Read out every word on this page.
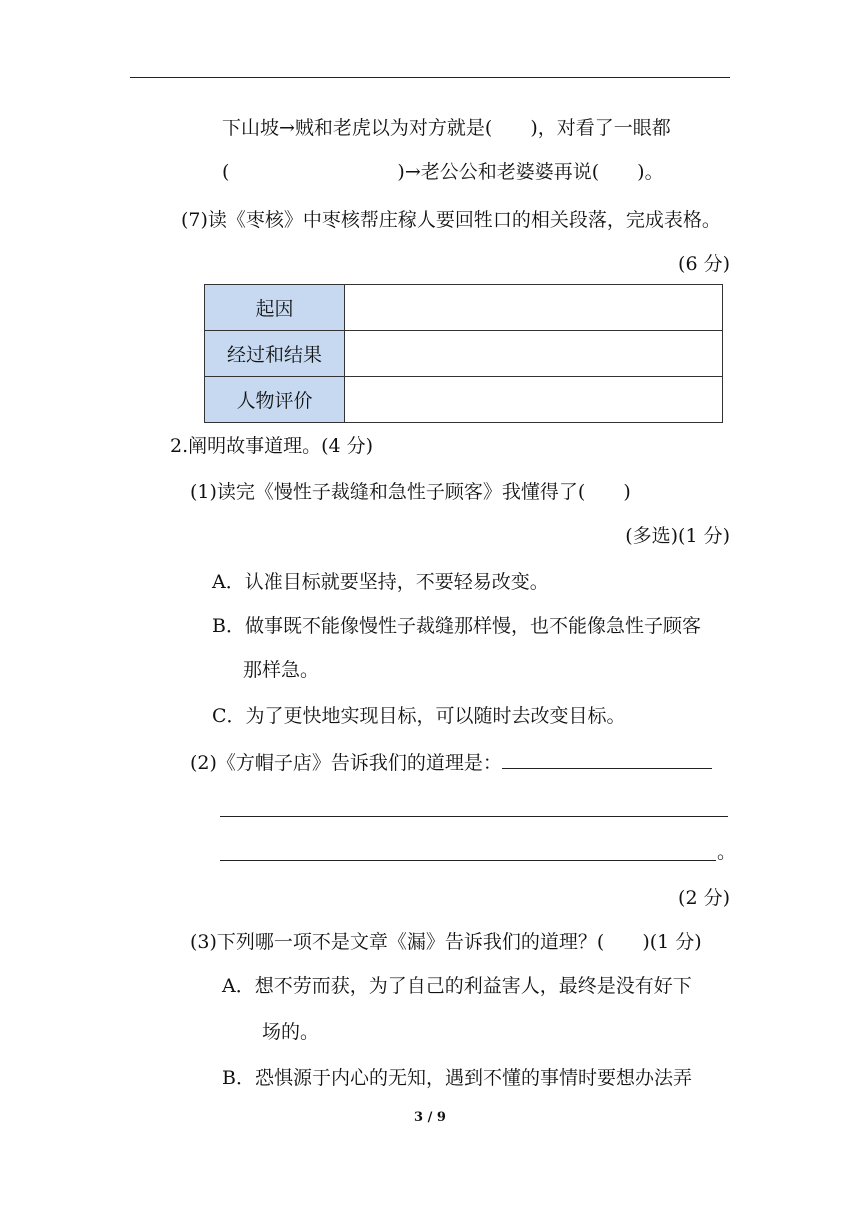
下山坡→贼和老虎以为对方就是(　　)，对看了一眼都
(	)→老公公和老婆婆再说(　　)。
(7)读《枣核》中枣核帮庄稼人要回牲口的相关段落，完成表格。
(6 分)
起因	
经过和结果	
人物评价	
2.阐明故事道理。(4 分)
(1)读完《慢性子裁缝和急性子顾客》我懂得了(　　)
(多选)(1 分)
A．认准目标就要坚持，不要轻易改变。
B．做事既不能像慢性子裁缝那样慢，也不能像急性子顾客
那样急。
C．为了更快地实现目标，可以随时去改变目标。
(2)《方帽子店》告诉我们的道理是：
。
(2 分)
(3)下列哪一项不是文章《漏》告诉我们的道理？(　　)(1 分)
A．想不劳而获，为了自己的利益害人，最终是没有好下
场的。
B．恐惧源于内心的无知，遇到不懂的事情时要想办法弄
3 / 9
